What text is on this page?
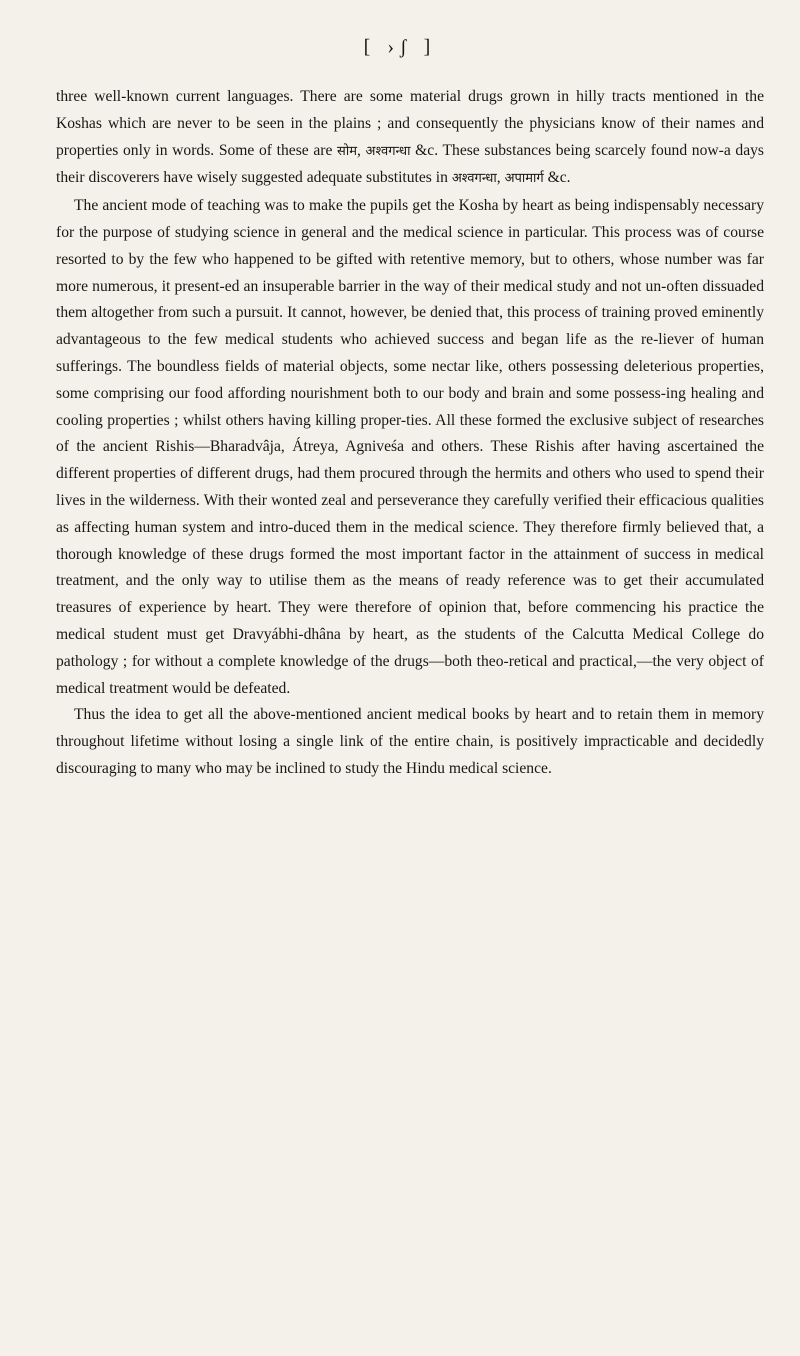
[ ›ʃ ]

three well-known current languages. There are some material drugs grown in hilly tracts mentioned in the Koshas which are never to be seen in the plains ; and consequently the physicians know of their names and properties only in words. Some of these are सोम, अश्वगन्धा &c. These substances being scarcely found now-a days their discoverers have wisely suggested adequate substitutes in अश्वगन्धा, अपामार्ग &c.

The ancient mode of teaching was to make the pupils get the Kosha by heart as being indispensably necessary for the purpose of studying science in general and the medical science in particular. This process was of course resorted to by the few who happened to be gifted with retentive memory, but to others, whose number was far more numerous, it present-ed an insuperable barrier in the way of their medical study and not un-often dissuaded them altogether from such a pursuit. It cannot, however, be denied that, this process of training proved eminently advantageous to the few medical students who achieved success and began life as the re-liever of human sufferings. The boundless fields of material objects, some nectar like, others possessing deleterious properties, some comprising our food affording nourishment both to our body and brain and some possess-ing healing and cooling properties ; whilst others having killing proper-ties. All these formed the exclusive subject of researches of the ancient Rishis—Bharadvâja, Átreya, Agniveśa and others. These Rishis after having ascertained the different properties of different drugs, had them procured through the hermits and others who used to spend their lives in the wilderness. With their wonted zeal and perseverance they carefully verified their efficacious qualities as affecting human system and intro-duced them in the medical science. They therefore firmly believed that, a thorough knowledge of these drugs formed the most important factor in the attainment of success in medical treatment, and the only way to utilise them as the means of ready reference was to get their accumulated treasures of experience by heart. They were therefore of opinion that, before commencing his practice the medical student must get Dravyábhi-dhâna by heart, as the students of the Calcutta Medical College do pathology ; for without a complete knowledge of the drugs—both theo-retical and practical,—the very object of medical treatment would be defeated.

Thus the idea to get all the above-mentioned ancient medical books by heart and to retain them in memory throughout lifetime without losing a single link of the entire chain, is positively impracticable and decidedly discouraging to many who may be inclined to study the Hindu medical science.
